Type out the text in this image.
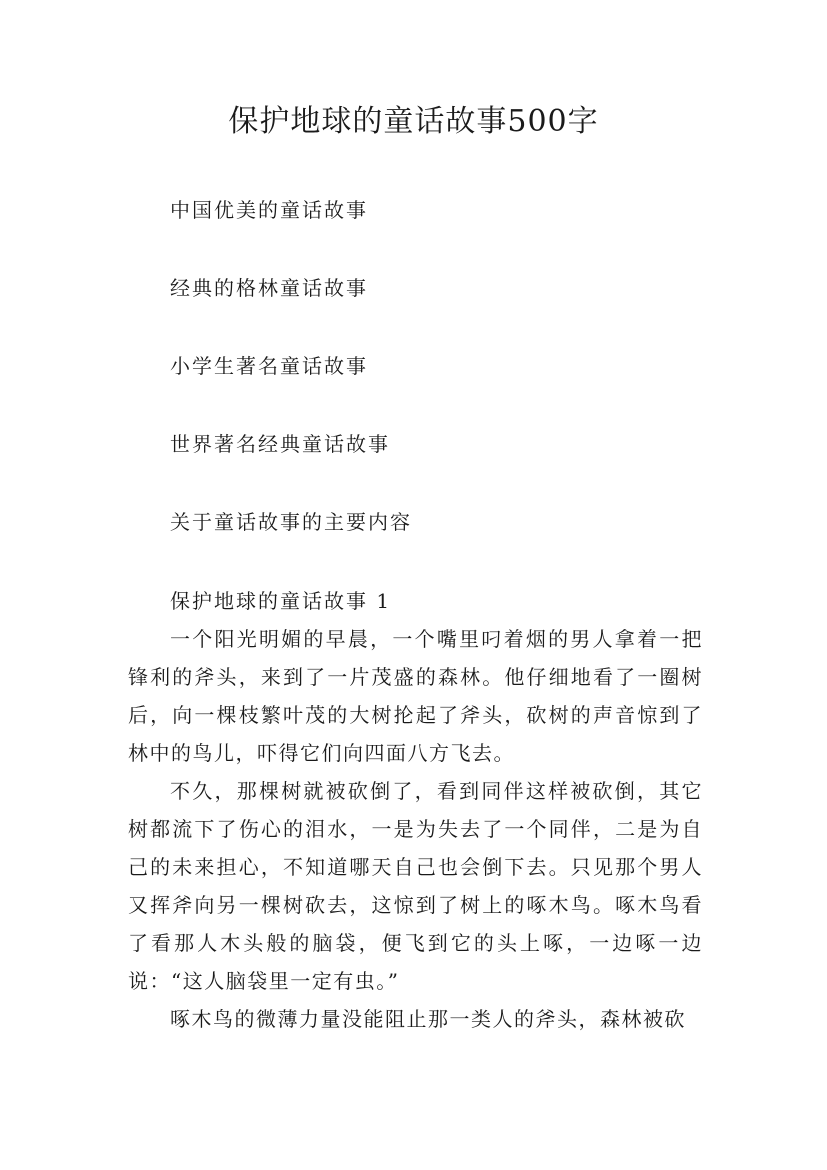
保护地球的童话故事500字
中国优美的童话故事
经典的格林童话故事
小学生著名童话故事
世界著名经典童话故事
关于童话故事的主要内容
保护地球的童话故事 1

一个阳光明媚的早晨，一个嘴里叼着烟的男人拿着一把锋利的斧头，来到了一片茂盛的森林。他仔细地看了一圈树后，向一棵枝繁叶茂的大树抡起了斧头，砍树的声音惊到了林中的鸟儿，吓得它们向四面八方飞去。

不久，那棵树就被砍倒了，看到同伴这样被砍倒，其它树都流下了伤心的泪水，一是为失去了一个同伴，二是为自己的未来担心，不知道哪天自己也会倒下去。只见那个男人又挥斧向另一棵树砍去，这惊到了树上的啄木鸟。啄木鸟看了看那人木头般的脑袋，便飞到它的头上啄，一边啄一边说：“这人脑袋里一定有虫。”

啄木鸟的微薄力量没能阻止那一类人的斧头，森林被砍
